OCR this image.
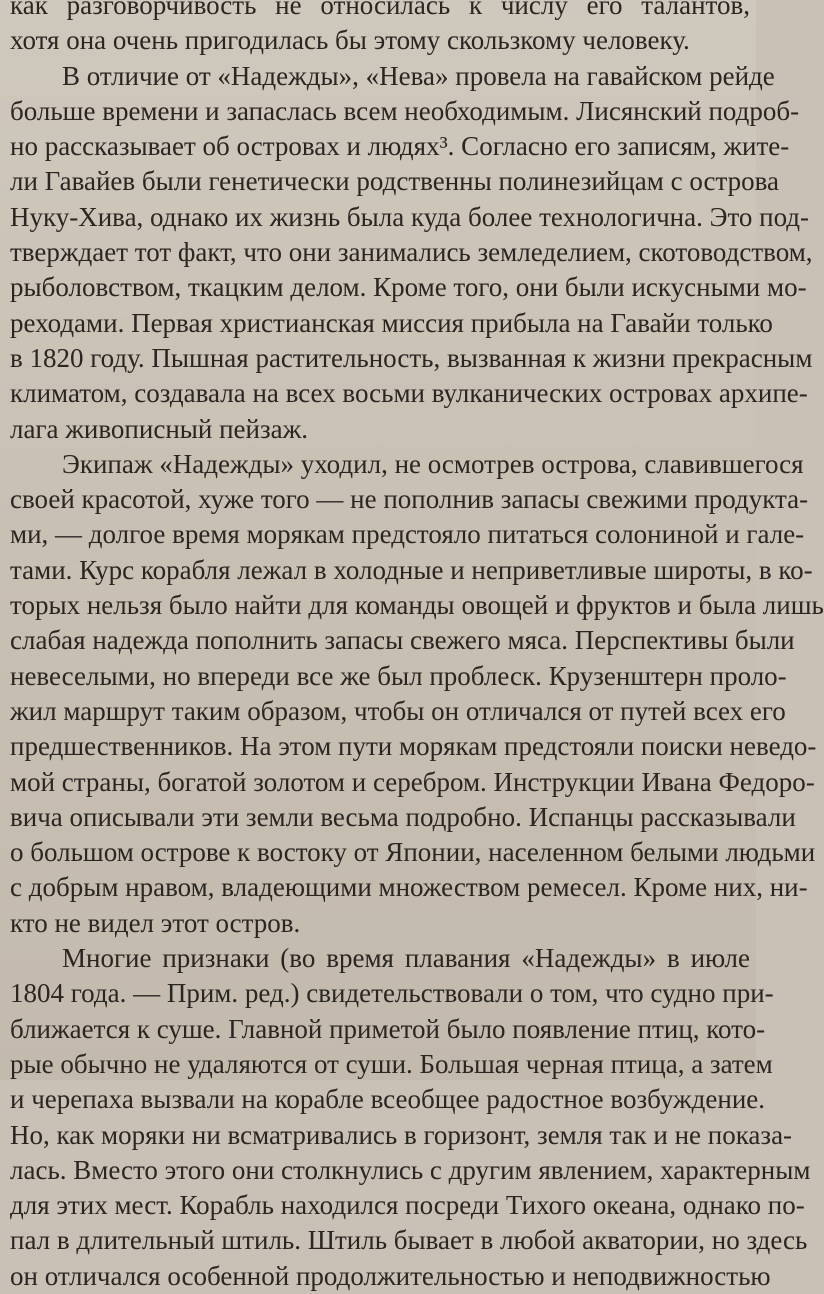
как разговорчивость не относилась к числу его талантов,
хотя она очень пригодилась бы этому скользкому человеку.
В отличие от «Надежды», «Нева» провела на гавайском рейде
больше времени и запаслась всем необходимым. Лисянский подроб-
но рассказывает об островах и людях³. Согласно его записям, жите-
ли Гавайев были генетически родственны полинезийцам с острова
Нуку-Хива, однако их жизнь была куда более технологична. Это под-
тверждает тот факт, что они занимались земледелием, скотоводством,
рыболовством, ткацким делом. Кроме того, они были искусными мо-
реходами. Первая христианская миссия прибыла на Гавайи только
в 1820 году. Пышная растительность, вызванная к жизни прекрасным
климатом, создавала на всех восьми вулканических островах архипе-
лага живописный пейзаж.
Экипаж «Надежды» уходил, не осмотрев острова, славившегося
своей красотой, хуже того — не пополнив запасы свежими продукта-
ми, — долгое время морякам предстояло питаться солониной и гале-
тами. Курс корабля лежал в холодные и неприветливые широты, в ко-
торых нельзя было найти для команды овощей и фруктов и была лишь
слабая надежда пополнить запасы свежего мяса. Перспективы были
невеселыми, но впереди все же был проблеск. Крузенштерн проло-
жил маршрут таким образом, чтобы он отличался от путей всех его
предшественников. На этом пути морякам предстояли поиски неведо-
мой страны, богатой золотом и серебром. Инструкции Ивана Федоро-
вича описывали эти земли весьма подробно. Испанцы рассказывали
о большом острове к востоку от Японии, населенном белыми людьми
с добрым нравом, владеющими множеством ремесел. Кроме них, ни-
кто не видел этот остров.
Многие признаки (во время плавания «Надежды» в июле
1804 года. — Прим. ред.) свидетельствовали о том, что судно при-
ближается к суше. Главной приметой было появление птиц, кото-
рые обычно не удаляются от суши. Большая черная птица, а затем
и черепаха вызвали на корабле всеобщее радостное возбуждение.
Но, как моряки ни всматривались в горизонт, земля так и не показа-
лась. Вместо этого они столкнулись с другим явлением, характерным
для этих мест. Корабль находился посреди Тихого океана, однако по-
пал в длительный штиль. Штиль бывает в любой акватории, но здесь
он отличался особенной продолжительностью и неподвижностью
